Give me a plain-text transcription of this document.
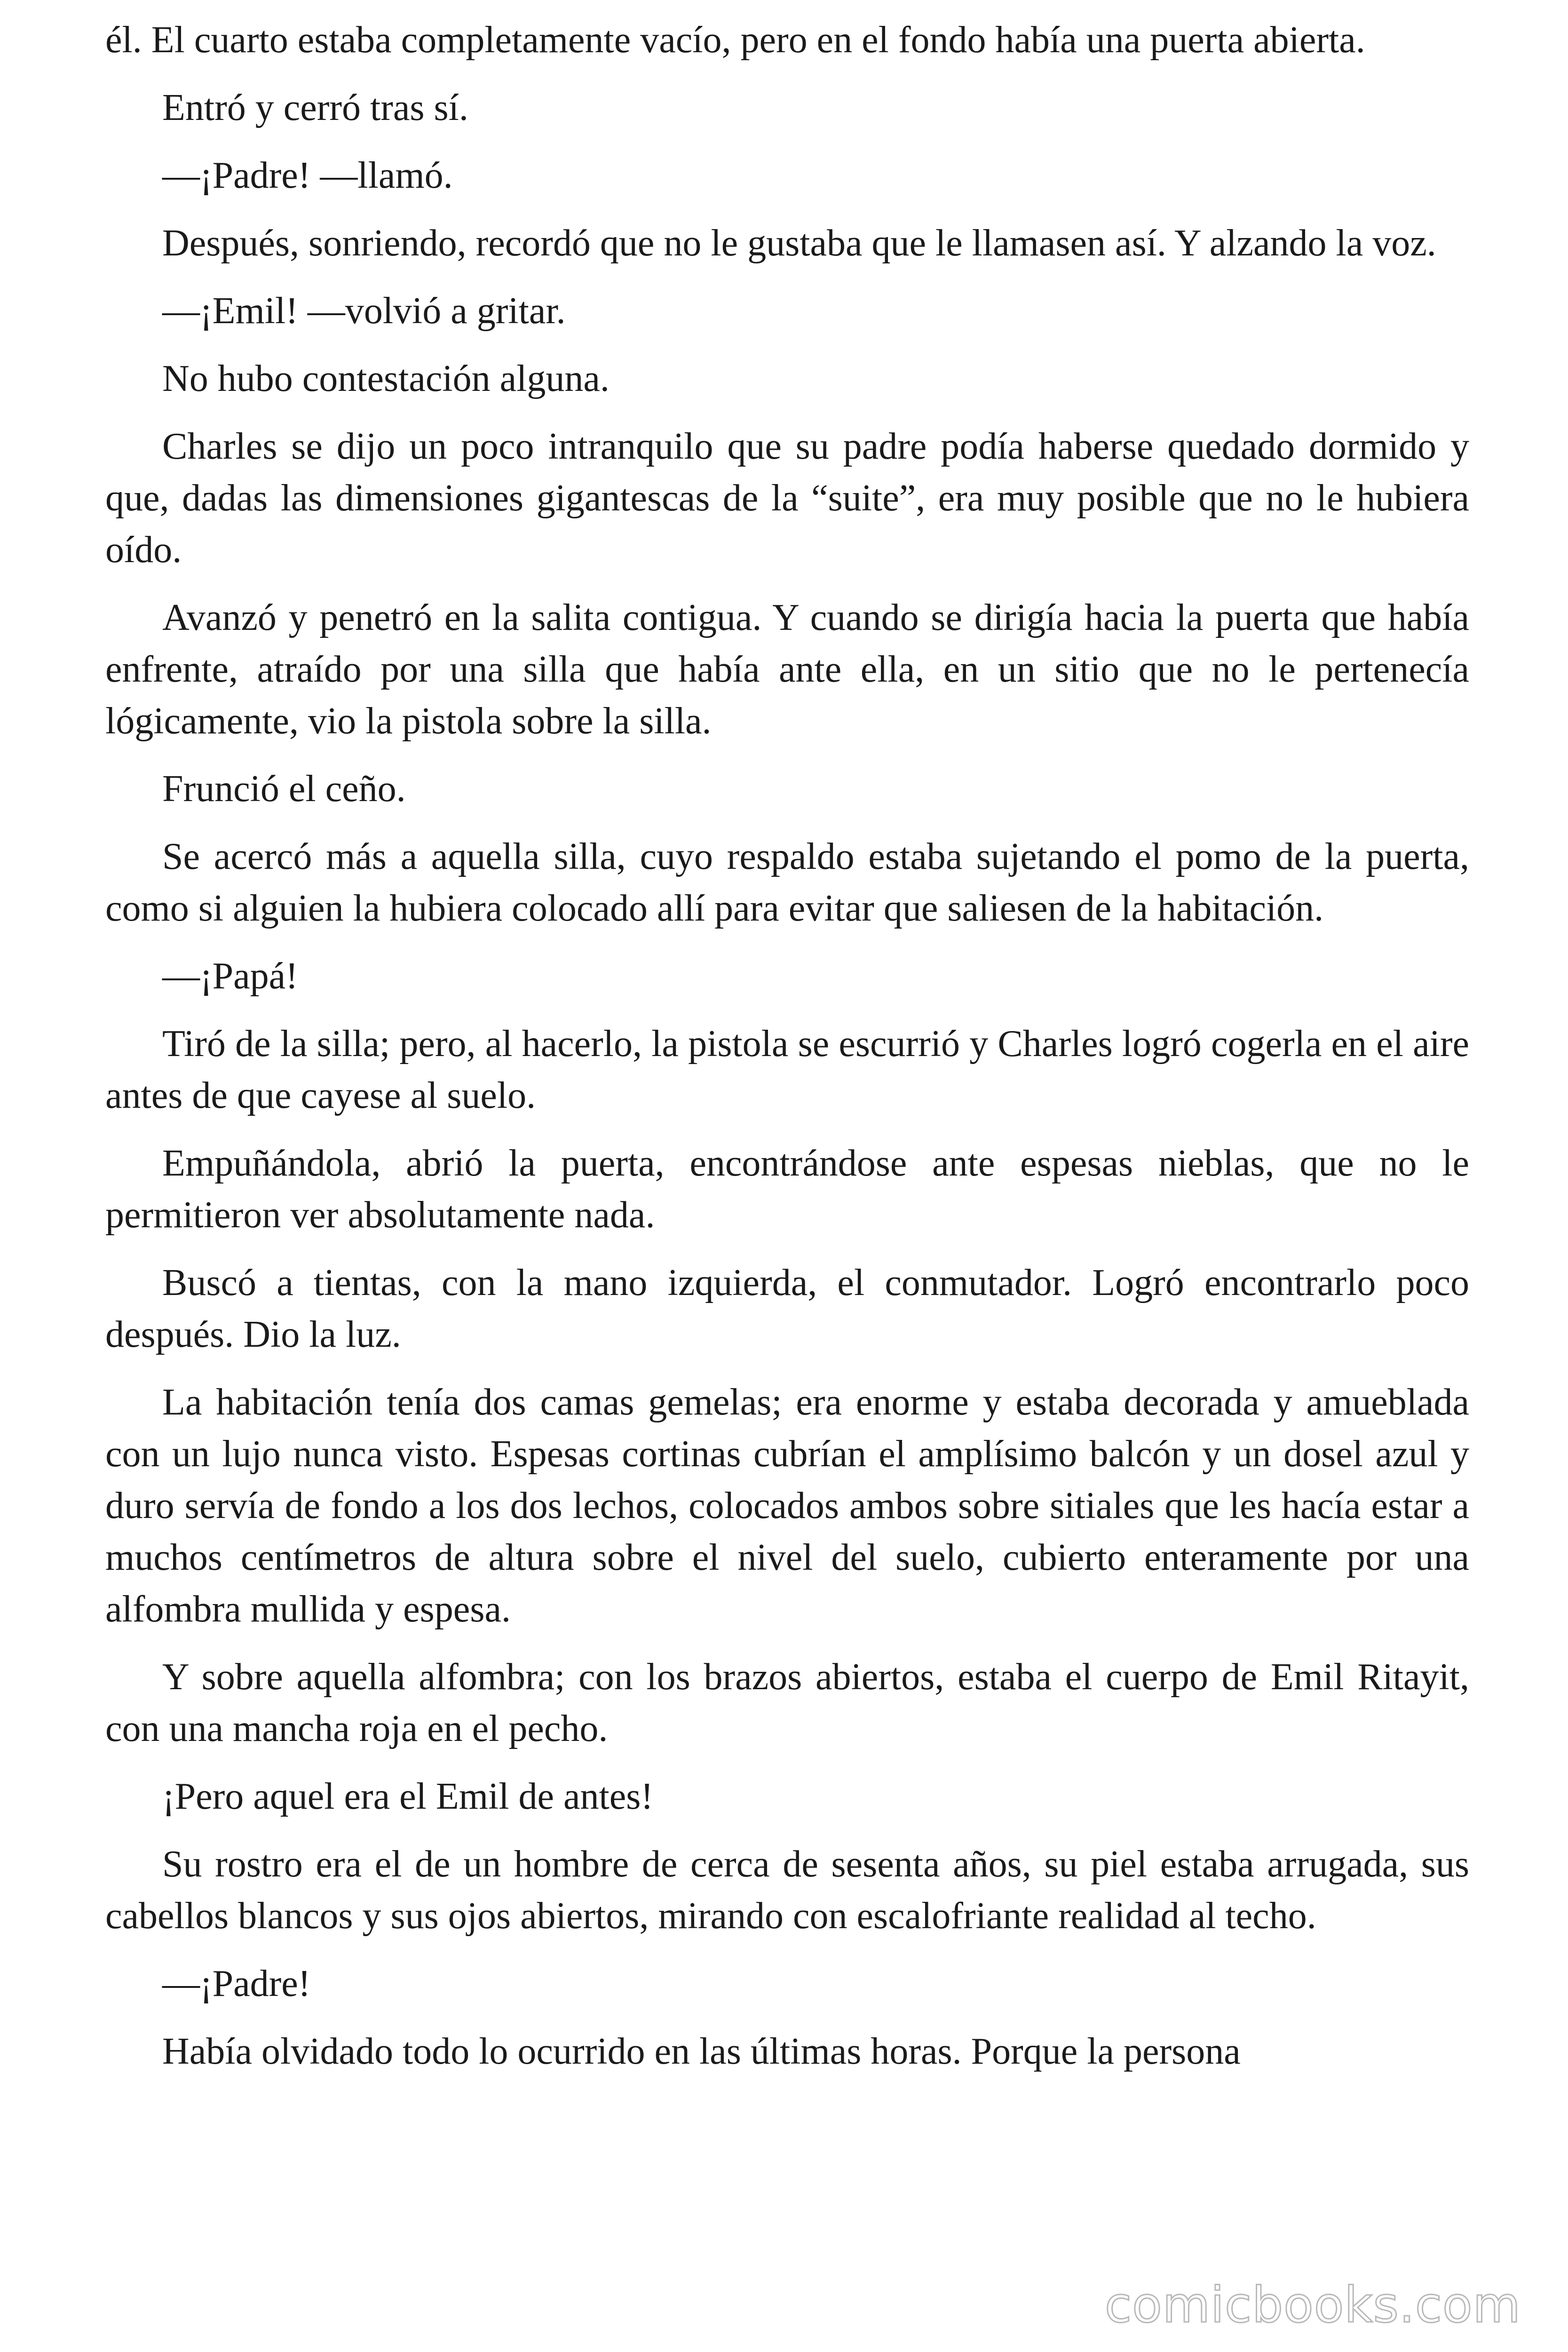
él. El cuarto estaba completamente vacío, pero en el fondo había una puerta abierta.

Entró y cerró tras sí.

—¡Padre! —llamó.

Después, sonriendo, recordó que no le gustaba que le llamasen así. Y alzando la voz.

—¡Emil! —volvió a gritar.

No hubo contestación alguna.

Charles se dijo un poco intranquilo que su padre podía haberse quedado dormido y que, dadas las dimensiones gigantescas de la “suite”, era muy posible que no le hubiera oído.

Avanzó y penetró en la salita contigua. Y cuando se dirigía hacia la puerta que había enfrente, atraído por una silla que había ante ella, en un sitio que no le pertenecía lógicamente, vio la pistola sobre la silla.

Frunció el ceño.

Se acercó más a aquella silla, cuyo respaldo estaba sujetando el pomo de la puerta, como si alguien la hubiera colocado allí para evitar que saliesen de la habitación.

—¡Papá!

Tiró de la silla; pero, al hacerlo, la pistola se escurrió y Charles logró cogerla en el aire antes de que cayese al suelo.

Empuñándola, abrió la puerta, encontrándose ante espesas nieblas, que no le permitieron ver absolutamente nada.

Buscó a tientas, con la mano izquierda, el conmutador. Logró encontrarlo poco después. Dio la luz.

La habitación tenía dos camas gemelas; era enorme y estaba decorada y amueblada con un lujo nunca visto. Espesas cortinas cubrían el amplísimo balcón y un dosel azul y duro servía de fondo a los dos lechos, colocados ambos sobre sitiales que les hacía estar a muchos centímetros de altura sobre el nivel del suelo, cubierto enteramente por una alfombra mullida y espesa.

Y sobre aquella alfombra; con los brazos abiertos, estaba el cuerpo de Emil Ritayit, con una mancha roja en el pecho.

¡Pero aquel era el Emil de antes!

Su rostro era el de un hombre de cerca de sesenta años, su piel estaba arrugada, sus cabellos blancos y sus ojos abiertos, mirando con escalofriante realidad al techo.

—¡Padre!

Había olvidado todo lo ocurrido en las últimas horas. Porque la persona

comicbooks.com
